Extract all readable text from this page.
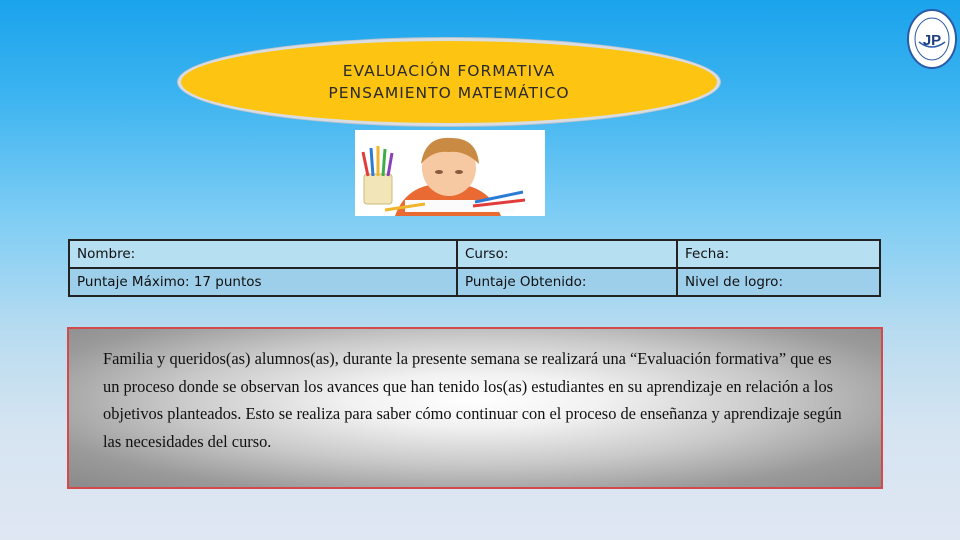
EVALUACIÓN FORMATIVA
PENSAMIENTO MATEMÁTICO
JP
Nombre:	Curso:	Fecha:
Puntaje Máximo: 17 puntos	Puntaje Obtenido:	Nivel de logro:

Familia y queridos(as) alumnos(as), durante la presente semana se realizará una “Evaluación formativa” que es un proceso donde se observan los avances que han tenido los(as) estudiantes en su aprendizaje en relación a los objetivos planteados. Esto se realiza para saber cómo continuar con el proceso de enseñanza y aprendizaje según las necesidades del curso.
